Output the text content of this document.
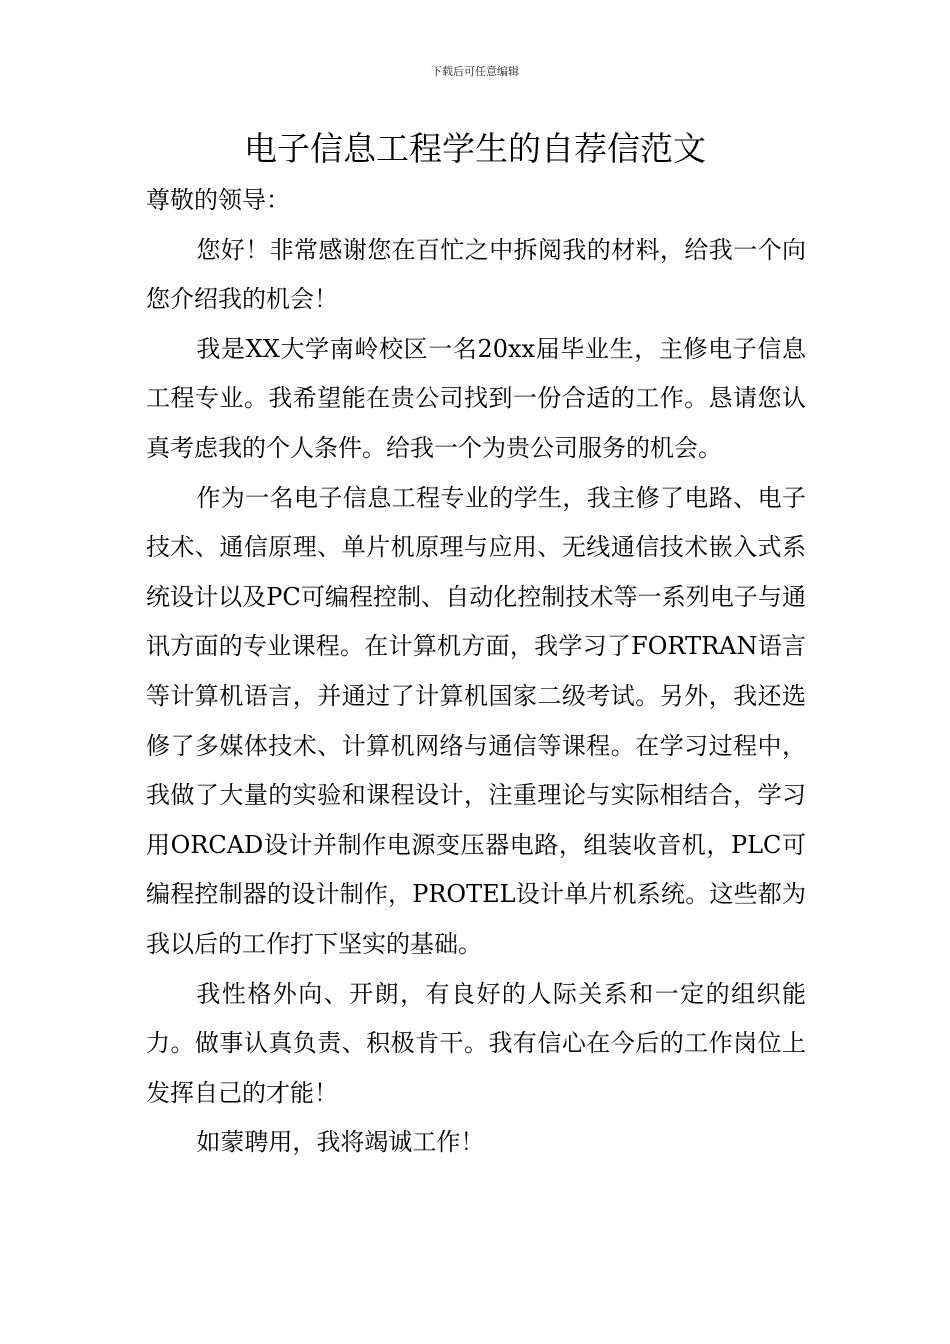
下载后可任意编辑
电子信息工程学生的自荐信范文

尊敬的领导：

您好！非常感谢您在百忙之中拆阅我的材料，给我一个向您介绍我的机会！

我是XX大学南岭校区一名20xx届毕业生，主修电子信息工程专业。我希望能在贵公司找到一份合适的工作。恳请您认真考虑我的个人条件。给我一个为贵公司服务的机会。

作为一名电子信息工程专业的学生，我主修了电路、电子技术、通信原理、单片机原理与应用、无线通信技术嵌入式系统设计以及PC可编程控制、自动化控制技术等一系列电子与通讯方面的专业课程。在计算机方面，我学习了FORTRAN语言等计算机语言，并通过了计算机国家二级考试。另外，我还选修了多媒体技术、计算机网络与通信等课程。在学习过程中，我做了大量的实验和课程设计，注重理论与实际相结合，学习用ORCAD设计并制作电源变压器电路，组装收音机，PLC可编程控制器的设计制作，PROTEL设计单片机系统。这些都为我以后的工作打下坚实的基础。

我性格外向、开朗，有良好的人际关系和一定的组织能力。做事认真负责、积极肯干。我有信心在今后的工作岗位上发挥自己的才能！

如蒙聘用，我将竭诚工作！
